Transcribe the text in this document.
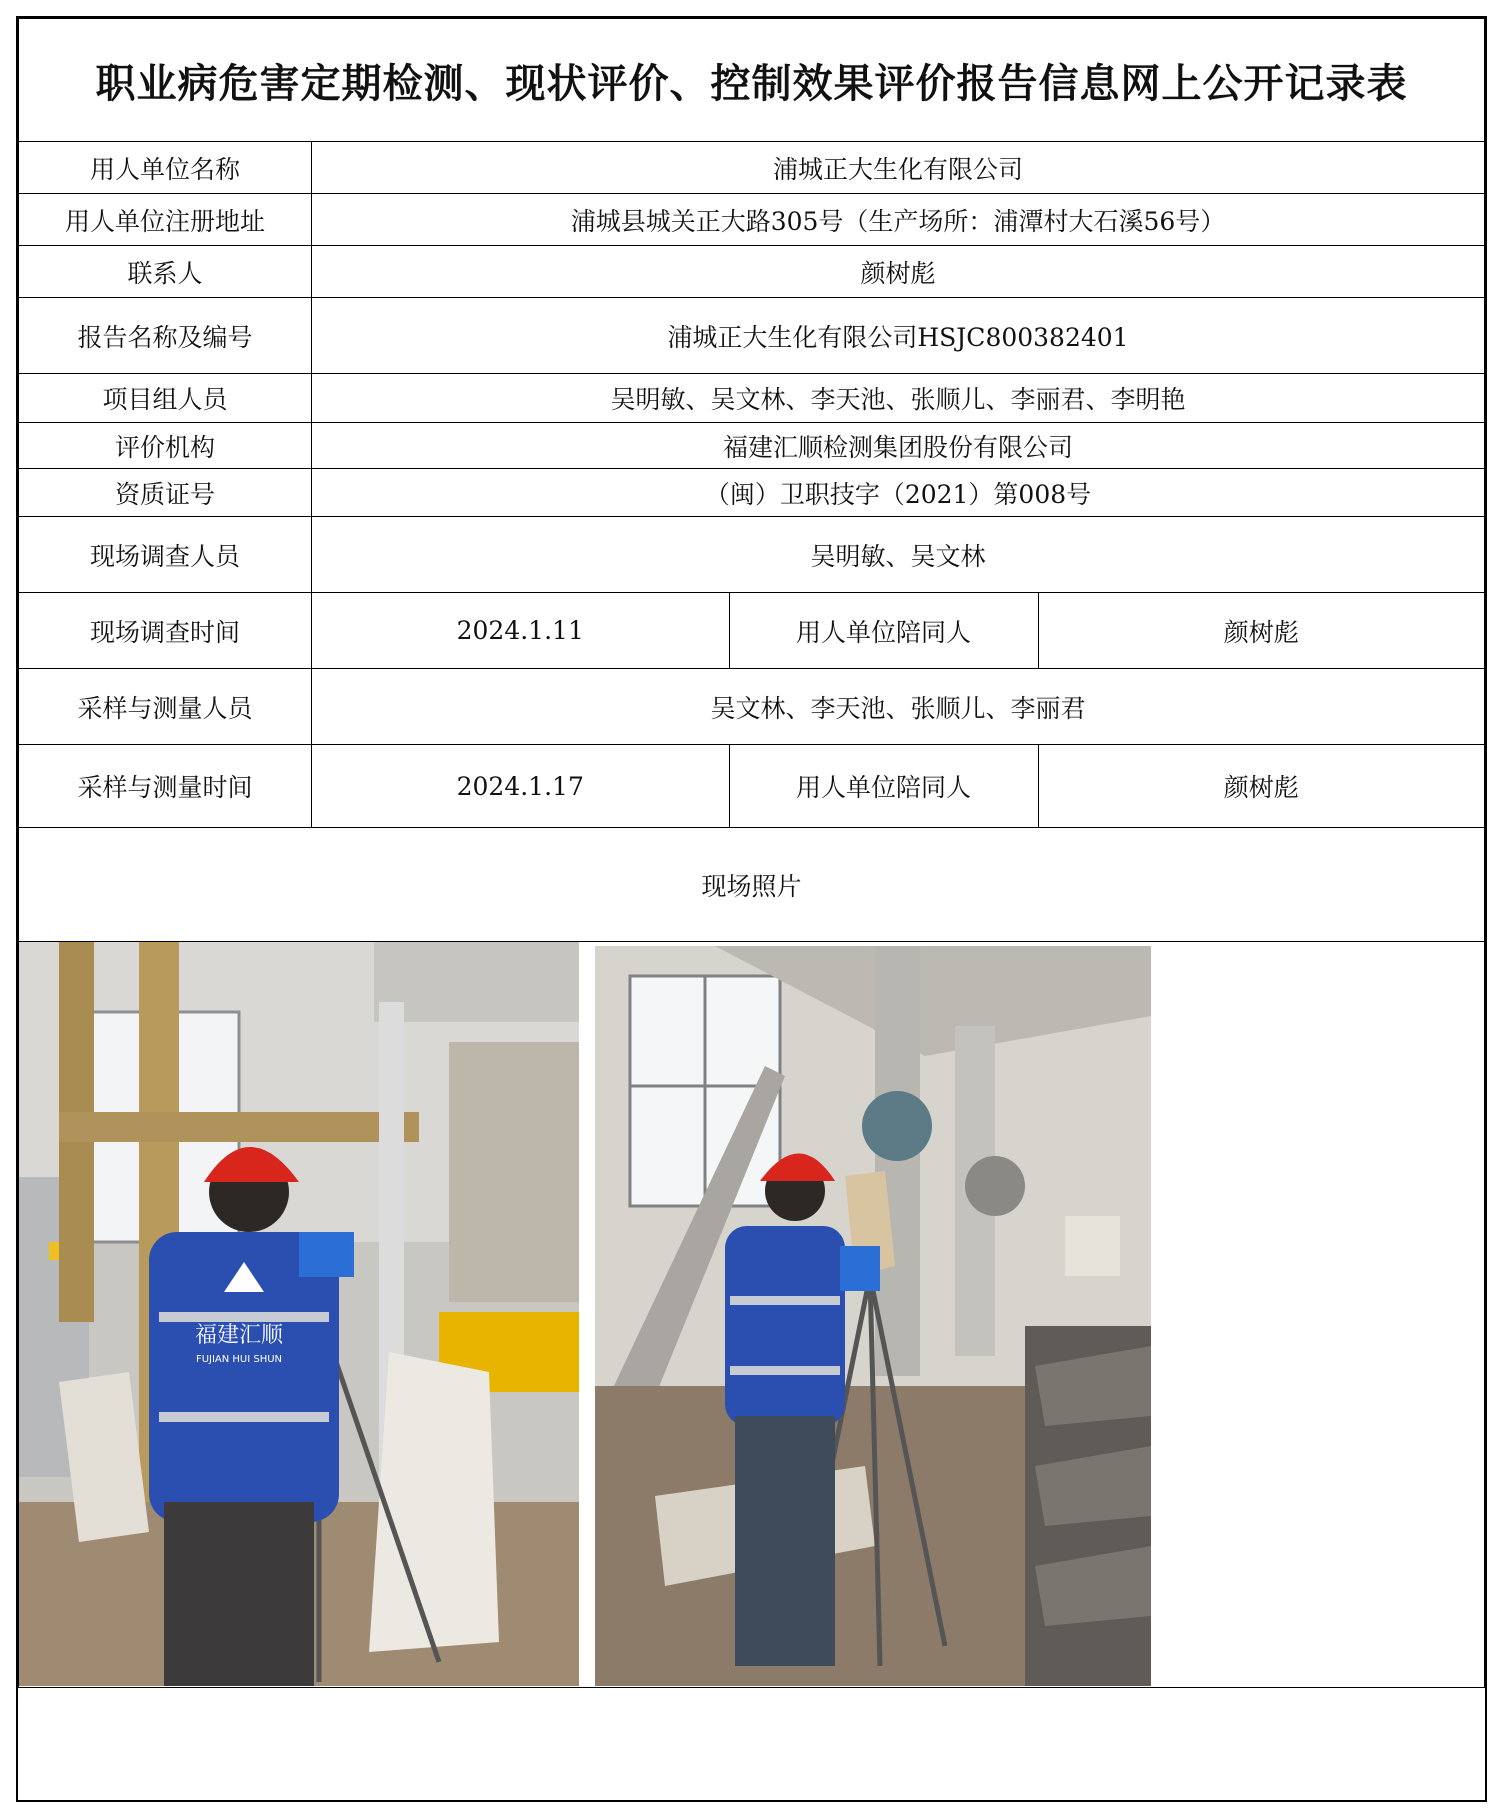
职业病危害定期检测、现状评价、控制效果评价报告信息网上公开记录表			
用人单位名称	浦城正大生化有限公司		
用人单位注册地址	浦城县城关正大路305号（生产场所：浦潭村大石溪56号）		
联系人	颜树彪		
报告名称及编号	浦城正大生化有限公司HSJC800382401		
项目组人员	吴明敏、吴文林、李天池、张顺儿、李丽君、李明艳		
评价机构	福建汇顺检测集团股份有限公司		
资质证号	（闽）卫职技字（2021）第008号		
现场调查人员	吴明敏、吴文林		
现场调查时间	2024.1.11	用人单位陪同人	颜树彪
采样与测量人员	吴文林、李天池、张顺儿、李丽君		
采样与测量时间	2024.1.17	用人单位陪同人	颜树彪
现场照片			

福建汇顺
FUJIAN HUI SHUN			
